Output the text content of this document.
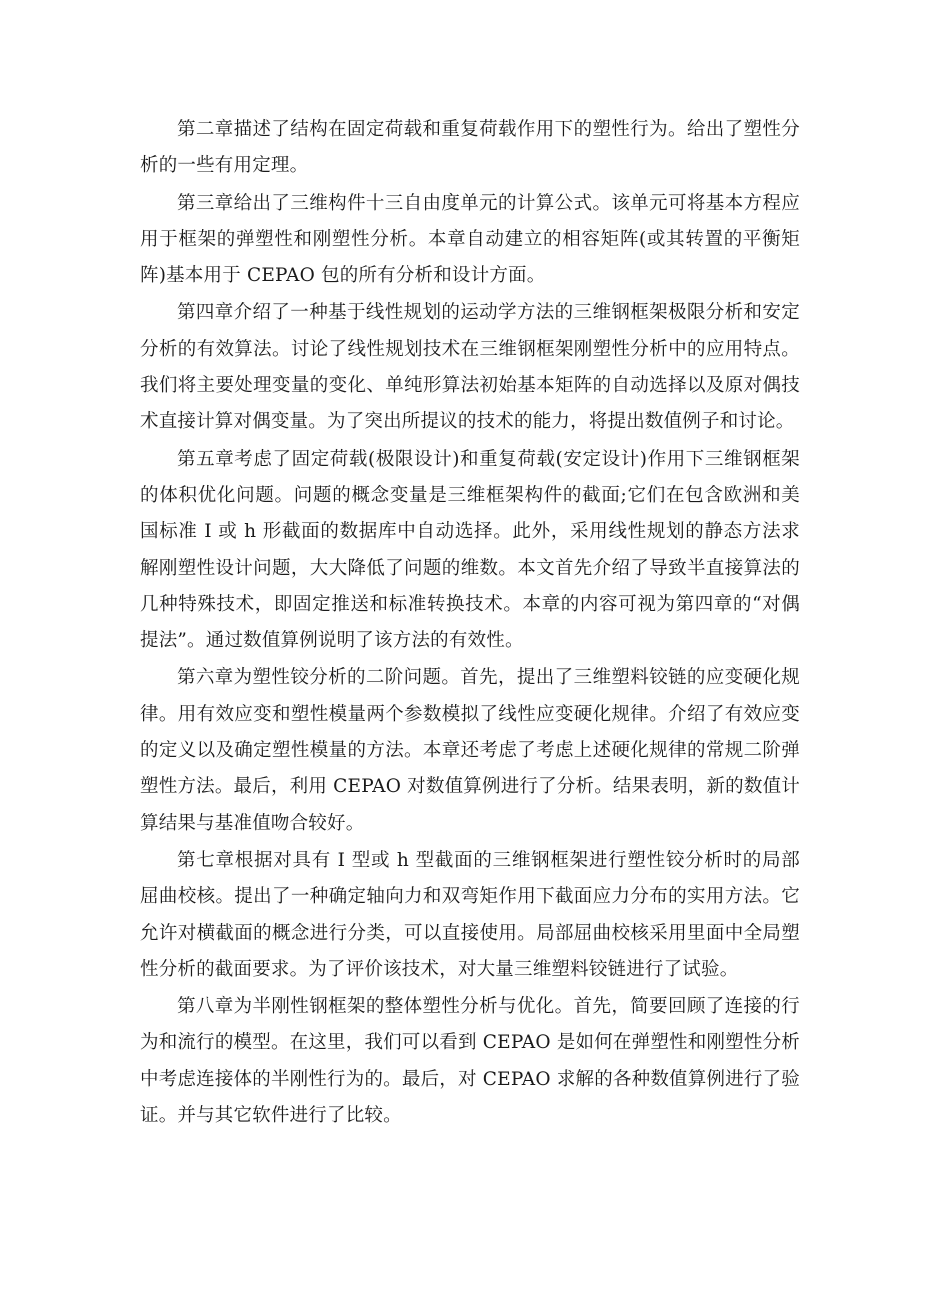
第二章描述了结构在固定荷载和重复荷载作用下的塑性行为。给出了塑性分析的一些有用定理。

第三章给出了三维构件十三自由度单元的计算公式。该单元可将基本方程应用于框架的弹塑性和刚塑性分析。本章自动建立的相容矩阵(或其转置的平衡矩阵)基本用于 CEPAO 包的所有分析和设计方面。

第四章介绍了一种基于线性规划的运动学方法的三维钢框架极限分析和安定分析的有效算法。讨论了线性规划技术在三维钢框架刚塑性分析中的应用特点。我们将主要处理变量的变化、单纯形算法初始基本矩阵的自动选择以及原对偶技术直接计算对偶变量。为了突出所提议的技术的能力，将提出数值例子和讨论。

第五章考虑了固定荷载(极限设计)和重复荷载(安定设计)作用下三维钢框架的体积优化问题。问题的概念变量是三维框架构件的截面;它们在包含欧洲和美国标准 I 或 h 形截面的数据库中自动选择。此外，采用线性规划的静态方法求解刚塑性设计问题，大大降低了问题的维数。本文首先介绍了导致半直接算法的几种特殊技术，即固定推送和标准转换技术。本章的内容可视为第四章的“对偶提法”。通过数值算例说明了该方法的有效性。

第六章为塑性铰分析的二阶问题。首先，提出了三维塑料铰链的应变硬化规律。用有效应变和塑性模量两个参数模拟了线性应变硬化规律。介绍了有效应变的定义以及确定塑性模量的方法。本章还考虑了考虑上述硬化规律的常规二阶弹塑性方法。最后，利用 CEPAO 对数值算例进行了分析。结果表明，新的数值计算结果与基准值吻合较好。

第七章根据对具有 I 型或 h 型截面的三维钢框架进行塑性铰分析时的局部屈曲校核。提出了一种确定轴向力和双弯矩作用下截面应力分布的实用方法。它允许对横截面的概念进行分类，可以直接使用。局部屈曲校核采用里面中全局塑性分析的截面要求。为了评价该技术，对大量三维塑料铰链进行了试验。

第八章为半刚性钢框架的整体塑性分析与优化。首先，简要回顾了连接的行为和流行的模型。在这里，我们可以看到 CEPAO 是如何在弹塑性和刚塑性分析中考虑连接体的半刚性行为的。最后，对 CEPAO 求解的各种数值算例进行了验证。并与其它软件进行了比较。
